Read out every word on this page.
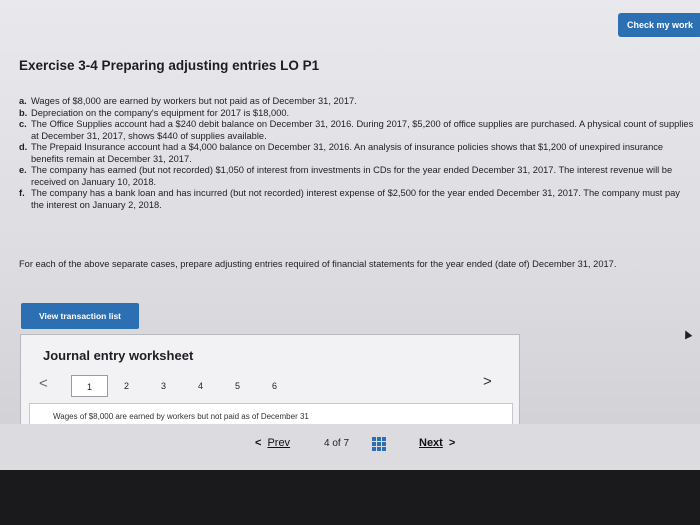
Check my work
Exercise 3-4 Preparing adjusting entries LO P1

a. Wages of $8,000 are earned by workers but not paid as of December 31, 2017.

b. Depreciation on the company's equipment for 2017 is $18,000.

c. The Office Supplies account had a $240 debit balance on December 31, 2016. During 2017, $5,200 of office supplies are purchased. A physical count of supplies at December 31, 2017, shows $440 of supplies available.

d. The Prepaid Insurance account had a $4,000 balance on December 31, 2016. An analysis of insurance policies shows that $1,200 of unexpired insurance benefits remain at December 31, 2017.

e. The company has earned (but not recorded) $1,050 of interest from investments in CDs for the year ended December 31, 2017. The interest revenue will be received on January 10, 2018.

f. The company has a bank loan and has incurred (but not recorded) interest expense of $2,500 for the year ended December 31, 2017. The company must pay the interest on January 2, 2018.

For each of the above separate cases, prepare adjusting entries required of financial statements for the year ended (date of) December 31, 2017.

View transaction list
Journal entry worksheet
<	1	2	3	4	5	6	>
Wages of $8,000 are earned by workers but not paid as of December 31
< Prev	4 of 7	Next >
